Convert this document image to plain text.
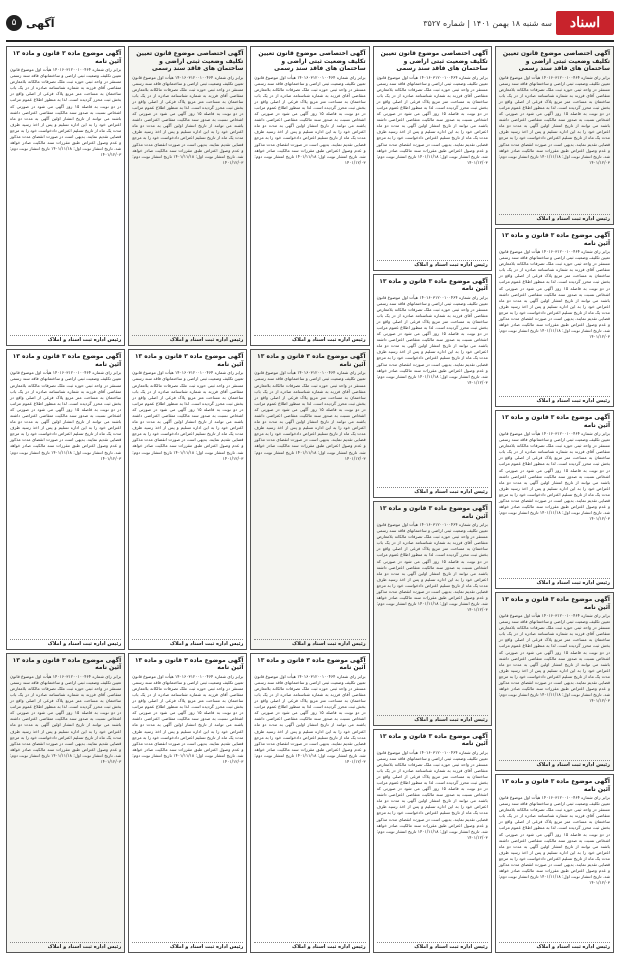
اسناد
سه شنبه ۱۸ بهمن ۱۴۰۱ | شماره ۳۵۲۷
آگهی
۵
آگهی اختصاصی موضوع قانون تعیین تکلیف وضعیت ثبتی اراضی و ساختمان های فاقد سند رسمی
برابر رای شماره ۱۴۰۱۶۰۳۱۲۰۰۱۰۰۴۶۴ هیأت اول موضوع قانون تعیین تکلیف وضعیت ثبتی اراضی و ساختمانهای فاقد سند رسمی مستقر در واحد ثبتی حوزه ثبت ملک تصرفات مالکانه بلامعارض متقاضی آقای فرزند به شماره شناسنامه صادره از در یک باب ساختمان به مساحت متر مربع پلاک فرعی از اصلی واقع در بخش ثبت محرز گردیده است. لذا به منظور اطلاع عموم مراتب در دو نوبت به فاصله ۱۵ روز آگهی می شود در صورتی که اشخاص نسبت به صدور سند مالکیت متقاضی اعتراضی داشته باشند می توانند از تاریخ انتشار اولین آگهی به مدت دو ماه اعتراض خود را به این اداره تسلیم و پس از اخذ رسید ظرف مدت یک ماه از تاریخ تسلیم اعتراض دادخواست خود را به مرجع قضایی تقدیم نمایند. بدیهی است در صورت انقضای مدت مذکور و عدم وصول اعتراض طبق مقررات سند مالکیت صادر خواهد شد. تاریخ انتشار نوبت اول: ۱۴۰۱/۱۱/۱۸ تاریخ انتشار نوبت دوم: ۱۴۰۱/۱۲/۰۳
رئیس اداره ثبت اسناد و املاک
آگهی موضوع ماده ۳ قانون و ماده ۱۳ آئین نامه
برابر رای شماره ۱۴۰۱۶۰۳۱۲۰۰۱۰۰۴۶۴ هیأت اول موضوع قانون تعیین تکلیف وضعیت ثبتی اراضی و ساختمانهای فاقد سند رسمی مستقر در واحد ثبتی حوزه ثبت ملک تصرفات مالکانه بلامعارض متقاضی آقای فرزند به شماره شناسنامه صادره از در یک باب ساختمان به مساحت متر مربع پلاک فرعی از اصلی واقع در بخش ثبت محرز گردیده است. لذا به منظور اطلاع عموم مراتب در دو نوبت به فاصله ۱۵ روز آگهی می شود در صورتی که اشخاص نسبت به صدور سند مالکیت متقاضی اعتراضی داشته باشند می توانند از تاریخ انتشار اولین آگهی به مدت دو ماه اعتراض خود را به این اداره تسلیم و پس از اخذ رسید ظرف مدت یک ماه از تاریخ تسلیم اعتراض دادخواست خود را به مرجع قضایی تقدیم نمایند. بدیهی است در صورت انقضای مدت مذکور و عدم وصول اعتراض طبق مقررات سند مالکیت صادر خواهد شد. تاریخ انتشار نوبت اول: ۱۴۰۱/۱۱/۱۸ تاریخ انتشار نوبت دوم: ۱۴۰۱/۱۲/۰۳
رئیس اداره ثبت اسناد و املاک
آگهی موضوع ماده ۳ قانون و ماده ۱۳ آئین نامه
برابر رای شماره ۱۴۰۱۶۰۳۱۲۰۰۱۰۰۴۶۴ هیأت اول موضوع قانون تعیین تکلیف وضعیت ثبتی اراضی و ساختمانهای فاقد سند رسمی مستقر در واحد ثبتی حوزه ثبت ملک تصرفات مالکانه بلامعارض متقاضی آقای فرزند به شماره شناسنامه صادره از در یک باب ساختمان به مساحت متر مربع پلاک فرعی از اصلی واقع در بخش ثبت محرز گردیده است. لذا به منظور اطلاع عموم مراتب در دو نوبت به فاصله ۱۵ روز آگهی می شود در صورتی که اشخاص نسبت به صدور سند مالکیت متقاضی اعتراضی داشته باشند می توانند از تاریخ انتشار اولین آگهی به مدت دو ماه اعتراض خود را به این اداره تسلیم و پس از اخذ رسید ظرف مدت یک ماه از تاریخ تسلیم اعتراض دادخواست خود را به مرجع قضایی تقدیم نمایند. بدیهی است در صورت انقضای مدت مذکور و عدم وصول اعتراض طبق مقررات سند مالکیت صادر خواهد شد. تاریخ انتشار نوبت اول: ۱۴۰۱/۱۱/۱۸ تاریخ انتشار نوبت دوم: ۱۴۰۱/۱۲/۰۳
رئیس اداره ثبت اسناد و املاک
آگهی موضوع ماده ۳ قانون و ماده ۱۳ آئین نامه
برابر رای شماره ۱۴۰۱۶۰۳۱۲۰۰۱۰۰۴۶۴ هیأت اول موضوع قانون تعیین تکلیف وضعیت ثبتی اراضی و ساختمانهای فاقد سند رسمی مستقر در واحد ثبتی حوزه ثبت ملک تصرفات مالکانه بلامعارض متقاضی آقای فرزند به شماره شناسنامه صادره از در یک باب ساختمان به مساحت متر مربع پلاک فرعی از اصلی واقع در بخش ثبت محرز گردیده است. لذا به منظور اطلاع عموم مراتب در دو نوبت به فاصله ۱۵ روز آگهی می شود در صورتی که اشخاص نسبت به صدور سند مالکیت متقاضی اعتراضی داشته باشند می توانند از تاریخ انتشار اولین آگهی به مدت دو ماه اعتراض خود را به این اداره تسلیم و پس از اخذ رسید ظرف مدت یک ماه از تاریخ تسلیم اعتراض دادخواست خود را به مرجع قضایی تقدیم نمایند. بدیهی است در صورت انقضای مدت مذکور و عدم وصول اعتراض طبق مقررات سند مالکیت صادر خواهد شد. تاریخ انتشار نوبت اول: ۱۴۰۱/۱۱/۱۸ تاریخ انتشار نوبت دوم: ۱۴۰۱/۱۲/۰۳
رئیس اداره ثبت اسناد و املاک
آگهی موضوع ماده ۳ قانون و ماده ۱۳ آئین نامه
برابر رای شماره ۱۴۰۱۶۰۳۱۲۰۰۱۰۰۴۶۴ هیأت اول موضوع قانون تعیین تکلیف وضعیت ثبتی اراضی و ساختمانهای فاقد سند رسمی مستقر در واحد ثبتی حوزه ثبت ملک تصرفات مالکانه بلامعارض متقاضی آقای فرزند به شماره شناسنامه صادره از در یک باب ساختمان به مساحت متر مربع پلاک فرعی از اصلی واقع در بخش ثبت محرز گردیده است. لذا به منظور اطلاع عموم مراتب در دو نوبت به فاصله ۱۵ روز آگهی می شود در صورتی که اشخاص نسبت به صدور سند مالکیت متقاضی اعتراضی داشته باشند می توانند از تاریخ انتشار اولین آگهی به مدت دو ماه اعتراض خود را به این اداره تسلیم و پس از اخذ رسید ظرف مدت یک ماه از تاریخ تسلیم اعتراض دادخواست خود را به مرجع قضایی تقدیم نمایند. بدیهی است در صورت انقضای مدت مذکور و عدم وصول اعتراض طبق مقررات سند مالکیت صادر خواهد شد. تاریخ انتشار نوبت اول: ۱۴۰۱/۱۱/۱۸ تاریخ انتشار نوبت دوم: ۱۴۰۱/۱۲/۰۳
رئیس اداره ثبت اسناد و املاک
آگهی اختصاصی موضوع قانون تعیین تکلیف وضعیت ثبتی اراضی و ساختمان های فاقد سند رسمی
برابر رای شماره ۱۴۰۱۶۰۳۱۲۰۰۱۰۰۴۶۴ هیأت اول موضوع قانون تعیین تکلیف وضعیت ثبتی اراضی و ساختمانهای فاقد سند رسمی مستقر در واحد ثبتی حوزه ثبت ملک تصرفات مالکانه بلامعارض متقاضی آقای فرزند به شماره شناسنامه صادره از در یک باب ساختمان به مساحت متر مربع پلاک فرعی از اصلی واقع در بخش ثبت محرز گردیده است. لذا به منظور اطلاع عموم مراتب در دو نوبت به فاصله ۱۵ روز آگهی می شود در صورتی که اشخاص نسبت به صدور سند مالکیت متقاضی اعتراضی داشته باشند می توانند از تاریخ انتشار اولین آگهی به مدت دو ماه اعتراض خود را به این اداره تسلیم و پس از اخذ رسید ظرف مدت یک ماه از تاریخ تسلیم اعتراض دادخواست خود را به مرجع قضایی تقدیم نمایند. بدیهی است در صورت انقضای مدت مذکور و عدم وصول اعتراض طبق مقررات سند مالکیت صادر خواهد شد. تاریخ انتشار نوبت اول: ۱۴۰۱/۱۱/۱۸ تاریخ انتشار نوبت دوم: ۱۴۰۱/۱۲/۰۳
رئیس اداره ثبت اسناد و املاک
آگهی موضوع ماده ۳ قانون و ماده ۱۳ آئین نامه
برابر رای شماره ۱۴۰۱۶۰۳۱۲۰۰۱۰۰۴۶۴ هیأت اول موضوع قانون تعیین تکلیف وضعیت ثبتی اراضی و ساختمانهای فاقد سند رسمی مستقر در واحد ثبتی حوزه ثبت ملک تصرفات مالکانه بلامعارض متقاضی آقای فرزند به شماره شناسنامه صادره از در یک باب ساختمان به مساحت متر مربع پلاک فرعی از اصلی واقع در بخش ثبت محرز گردیده است. لذا به منظور اطلاع عموم مراتب در دو نوبت به فاصله ۱۵ روز آگهی می شود در صورتی که اشخاص نسبت به صدور سند مالکیت متقاضی اعتراضی داشته باشند می توانند از تاریخ انتشار اولین آگهی به مدت دو ماه اعتراض خود را به این اداره تسلیم و پس از اخذ رسید ظرف مدت یک ماه از تاریخ تسلیم اعتراض دادخواست خود را به مرجع قضایی تقدیم نمایند. بدیهی است در صورت انقضای مدت مذکور و عدم وصول اعتراض طبق مقررات سند مالکیت صادر خواهد شد. تاریخ انتشار نوبت اول: ۱۴۰۱/۱۱/۱۸ تاریخ انتشار نوبت دوم: ۱۴۰۱/۱۲/۰۳
رئیس اداره ثبت اسناد و املاک
آگهی موضوع ماده ۳ قانون و ماده ۱۳ آئین نامه
برابر رای شماره ۱۴۰۱۶۰۳۱۲۰۰۱۰۰۴۶۴ هیأت اول موضوع قانون تعیین تکلیف وضعیت ثبتی اراضی و ساختمانهای فاقد سند رسمی مستقر در واحد ثبتی حوزه ثبت ملک تصرفات مالکانه بلامعارض متقاضی آقای فرزند به شماره شناسنامه صادره از در یک باب ساختمان به مساحت متر مربع پلاک فرعی از اصلی واقع در بخش ثبت محرز گردیده است. لذا به منظور اطلاع عموم مراتب در دو نوبت به فاصله ۱۵ روز آگهی می شود در صورتی که اشخاص نسبت به صدور سند مالکیت متقاضی اعتراضی داشته باشند می توانند از تاریخ انتشار اولین آگهی به مدت دو ماه اعتراض خود را به این اداره تسلیم و پس از اخذ رسید ظرف مدت یک ماه از تاریخ تسلیم اعتراض دادخواست خود را به مرجع قضایی تقدیم نمایند. بدیهی است در صورت انقضای مدت مذکور و عدم وصول اعتراض طبق مقررات سند مالکیت صادر خواهد شد. تاریخ انتشار نوبت اول: ۱۴۰۱/۱۱/۱۸ تاریخ انتشار نوبت دوم: ۱۴۰۱/۱۲/۰۳
رئیس اداره ثبت اسناد و املاک
آگهی موضوع ماده ۳ قانون و ماده ۱۳ آئین نامه
برابر رای شماره ۱۴۰۱۶۰۳۱۲۰۰۱۰۰۴۶۴ هیأت اول موضوع قانون تعیین تکلیف وضعیت ثبتی اراضی و ساختمانهای فاقد سند رسمی مستقر در واحد ثبتی حوزه ثبت ملک تصرفات مالکانه بلامعارض متقاضی آقای فرزند به شماره شناسنامه صادره از در یک باب ساختمان به مساحت متر مربع پلاک فرعی از اصلی واقع در بخش ثبت محرز گردیده است. لذا به منظور اطلاع عموم مراتب در دو نوبت به فاصله ۱۵ روز آگهی می شود در صورتی که اشخاص نسبت به صدور سند مالکیت متقاضی اعتراضی داشته باشند می توانند از تاریخ انتشار اولین آگهی به مدت دو ماه اعتراض خود را به این اداره تسلیم و پس از اخذ رسید ظرف مدت یک ماه از تاریخ تسلیم اعتراض دادخواست خود را به مرجع قضایی تقدیم نمایند. بدیهی است در صورت انقضای مدت مذکور و عدم وصول اعتراض طبق مقررات سند مالکیت صادر خواهد شد. تاریخ انتشار نوبت اول: ۱۴۰۱/۱۱/۱۸ تاریخ انتشار نوبت دوم: ۱۴۰۱/۱۲/۰۳
رئیس اداره ثبت اسناد و املاک
آگهی اختصاصی موضوع قانون تعیین تکلیف وضعیت ثبتی اراضی و ساختمان های فاقد سند رسمی
برابر رای شماره ۱۴۰۱۶۰۳۱۲۰۰۱۰۰۴۶۴ هیأت اول موضوع قانون تعیین تکلیف وضعیت ثبتی اراضی و ساختمانهای فاقد سند رسمی مستقر در واحد ثبتی حوزه ثبت ملک تصرفات مالکانه بلامعارض متقاضی آقای فرزند به شماره شناسنامه صادره از در یک باب ساختمان به مساحت متر مربع پلاک فرعی از اصلی واقع در بخش ثبت محرز گردیده است. لذا به منظور اطلاع عموم مراتب در دو نوبت به فاصله ۱۵ روز آگهی می شود در صورتی که اشخاص نسبت به صدور سند مالکیت متقاضی اعتراضی داشته باشند می توانند از تاریخ انتشار اولین آگهی به مدت دو ماه اعتراض خود را به این اداره تسلیم و پس از اخذ رسید ظرف مدت یک ماه از تاریخ تسلیم اعتراض دادخواست خود را به مرجع قضایی تقدیم نمایند. بدیهی است در صورت انقضای مدت مذکور و عدم وصول اعتراض طبق مقررات سند مالکیت صادر خواهد شد. تاریخ انتشار نوبت اول: ۱۴۰۱/۱۱/۱۸ تاریخ انتشار نوبت دوم: ۱۴۰۱/۱۲/۰۳
رئیس اداره ثبت اسناد و املاک
آگهی موضوع ماده ۳ قانون و ماده ۱۳ آئین نامه
برابر رای شماره ۱۴۰۱۶۰۳۱۲۰۰۱۰۰۴۶۴ هیأت اول موضوع قانون تعیین تکلیف وضعیت ثبتی اراضی و ساختمانهای فاقد سند رسمی مستقر در واحد ثبتی حوزه ثبت ملک تصرفات مالکانه بلامعارض متقاضی آقای فرزند به شماره شناسنامه صادره از در یک باب ساختمان به مساحت متر مربع پلاک فرعی از اصلی واقع در بخش ثبت محرز گردیده است. لذا به منظور اطلاع عموم مراتب در دو نوبت به فاصله ۱۵ روز آگهی می شود در صورتی که اشخاص نسبت به صدور سند مالکیت متقاضی اعتراضی داشته باشند می توانند از تاریخ انتشار اولین آگهی به مدت دو ماه اعتراض خود را به این اداره تسلیم و پس از اخذ رسید ظرف مدت یک ماه از تاریخ تسلیم اعتراض دادخواست خود را به مرجع قضایی تقدیم نمایند. بدیهی است در صورت انقضای مدت مذکور و عدم وصول اعتراض طبق مقررات سند مالکیت صادر خواهد شد. تاریخ انتشار نوبت اول: ۱۴۰۱/۱۱/۱۸ تاریخ انتشار نوبت دوم: ۱۴۰۱/۱۲/۰۳
رئیس اداره ثبت اسناد و املاک
آگهی موضوع ماده ۳ قانون و ماده ۱۳ آئین نامه
برابر رای شماره ۱۴۰۱۶۰۳۱۲۰۰۱۰۰۴۶۴ هیأت اول موضوع قانون تعیین تکلیف وضعیت ثبتی اراضی و ساختمانهای فاقد سند رسمی مستقر در واحد ثبتی حوزه ثبت ملک تصرفات مالکانه بلامعارض متقاضی آقای فرزند به شماره شناسنامه صادره از در یک باب ساختمان به مساحت متر مربع پلاک فرعی از اصلی واقع در بخش ثبت محرز گردیده است. لذا به منظور اطلاع عموم مراتب در دو نوبت به فاصله ۱۵ روز آگهی می شود در صورتی که اشخاص نسبت به صدور سند مالکیت متقاضی اعتراضی داشته باشند می توانند از تاریخ انتشار اولین آگهی به مدت دو ماه اعتراض خود را به این اداره تسلیم و پس از اخذ رسید ظرف مدت یک ماه از تاریخ تسلیم اعتراض دادخواست خود را به مرجع قضایی تقدیم نمایند. بدیهی است در صورت انقضای مدت مذکور و عدم وصول اعتراض طبق مقررات سند مالکیت صادر خواهد شد. تاریخ انتشار نوبت اول: ۱۴۰۱/۱۱/۱۸ تاریخ انتشار نوبت دوم: ۱۴۰۱/۱۲/۰۳
رئیس اداره ثبت اسناد و املاک
آگهی اختصاصی موضوع قانون تعیین تکلیف وضعیت ثبتی اراضی و ساختمان های فاقد سند رسمی
برابر رای شماره ۱۴۰۱۶۰۳۱۲۰۰۱۰۰۴۶۴ هیأت اول موضوع قانون تعیین تکلیف وضعیت ثبتی اراضی و ساختمانهای فاقد سند رسمی مستقر در واحد ثبتی حوزه ثبت ملک تصرفات مالکانه بلامعارض متقاضی آقای فرزند به شماره شناسنامه صادره از در یک باب ساختمان به مساحت متر مربع پلاک فرعی از اصلی واقع در بخش ثبت محرز گردیده است. لذا به منظور اطلاع عموم مراتب در دو نوبت به فاصله ۱۵ روز آگهی می شود در صورتی که اشخاص نسبت به صدور سند مالکیت متقاضی اعتراضی داشته باشند می توانند از تاریخ انتشار اولین آگهی به مدت دو ماه اعتراض خود را به این اداره تسلیم و پس از اخذ رسید ظرف مدت یک ماه از تاریخ تسلیم اعتراض دادخواست خود را به مرجع قضایی تقدیم نمایند. بدیهی است در صورت انقضای مدت مذکور و عدم وصول اعتراض طبق مقررات سند مالکیت صادر خواهد شد. تاریخ انتشار نوبت اول: ۱۴۰۱/۱۱/۱۸ تاریخ انتشار نوبت دوم: ۱۴۰۱/۱۲/۰۳
رئیس اداره ثبت اسناد و املاک
آگهی موضوع ماده ۳ قانون و ماده ۱۳ آئین نامه
برابر رای شماره ۱۴۰۱۶۰۳۱۲۰۰۱۰۰۴۶۴ هیأت اول موضوع قانون تعیین تکلیف وضعیت ثبتی اراضی و ساختمانهای فاقد سند رسمی مستقر در واحد ثبتی حوزه ثبت ملک تصرفات مالکانه بلامعارض متقاضی آقای فرزند به شماره شناسنامه صادره از در یک باب ساختمان به مساحت متر مربع پلاک فرعی از اصلی واقع در بخش ثبت محرز گردیده است. لذا به منظور اطلاع عموم مراتب در دو نوبت به فاصله ۱۵ روز آگهی می شود در صورتی که اشخاص نسبت به صدور سند مالکیت متقاضی اعتراضی داشته باشند می توانند از تاریخ انتشار اولین آگهی به مدت دو ماه اعتراض خود را به این اداره تسلیم و پس از اخذ رسید ظرف مدت یک ماه از تاریخ تسلیم اعتراض دادخواست خود را به مرجع قضایی تقدیم نمایند. بدیهی است در صورت انقضای مدت مذکور و عدم وصول اعتراض طبق مقررات سند مالکیت صادر خواهد شد. تاریخ انتشار نوبت اول: ۱۴۰۱/۱۱/۱۸ تاریخ انتشار نوبت دوم: ۱۴۰۱/۱۲/۰۳
رئیس اداره ثبت اسناد و املاک
آگهی موضوع ماده ۳ قانون و ماده ۱۳ آئین نامه
برابر رای شماره ۱۴۰۱۶۰۳۱۲۰۰۱۰۰۴۶۴ هیأت اول موضوع قانون تعیین تکلیف وضعیت ثبتی اراضی و ساختمانهای فاقد سند رسمی مستقر در واحد ثبتی حوزه ثبت ملک تصرفات مالکانه بلامعارض متقاضی آقای فرزند به شماره شناسنامه صادره از در یک باب ساختمان به مساحت متر مربع پلاک فرعی از اصلی واقع در بخش ثبت محرز گردیده است. لذا به منظور اطلاع عموم مراتب در دو نوبت به فاصله ۱۵ روز آگهی می شود در صورتی که اشخاص نسبت به صدور سند مالکیت متقاضی اعتراضی داشته باشند می توانند از تاریخ انتشار اولین آگهی به مدت دو ماه اعتراض خود را به این اداره تسلیم و پس از اخذ رسید ظرف مدت یک ماه از تاریخ تسلیم اعتراض دادخواست خود را به مرجع قضایی تقدیم نمایند. بدیهی است در صورت انقضای مدت مذکور و عدم وصول اعتراض طبق مقررات سند مالکیت صادر خواهد شد. تاریخ انتشار نوبت اول: ۱۴۰۱/۱۱/۱۸ تاریخ انتشار نوبت دوم: ۱۴۰۱/۱۲/۰۳
رئیس اداره ثبت اسناد و املاک
آگهی موضوع ماده ۳ قانون و ماده ۱۳ آئین نامه
برابر رای شماره ۱۴۰۱۶۰۳۱۲۰۰۱۰۰۴۶۴ هیأت اول موضوع قانون تعیین تکلیف وضعیت ثبتی اراضی و ساختمانهای فاقد سند رسمی مستقر در واحد ثبتی حوزه ثبت ملک تصرفات مالکانه بلامعارض متقاضی آقای فرزند به شماره شناسنامه صادره از در یک باب ساختمان به مساحت متر مربع پلاک فرعی از اصلی واقع در بخش ثبت محرز گردیده است. لذا به منظور اطلاع عموم مراتب در دو نوبت به فاصله ۱۵ روز آگهی می شود در صورتی که اشخاص نسبت به صدور سند مالکیت متقاضی اعتراضی داشته باشند می توانند از تاریخ انتشار اولین آگهی به مدت دو ماه اعتراض خود را به این اداره تسلیم و پس از اخذ رسید ظرف مدت یک ماه از تاریخ تسلیم اعتراض دادخواست خود را به مرجع قضایی تقدیم نمایند. بدیهی است در صورت انقضای مدت مذکور و عدم وصول اعتراض طبق مقررات سند مالکیت صادر خواهد شد. تاریخ انتشار نوبت اول: ۱۴۰۱/۱۱/۱۸ تاریخ انتشار نوبت دوم: ۱۴۰۱/۱۲/۰۳
رئیس اداره ثبت اسناد و املاک
آگهی موضوع ماده ۳ قانون و ماده ۱۳ آئین نامه
برابر رای شماره ۱۴۰۱۶۰۳۱۲۰۰۱۰۰۴۶۴ هیأت اول موضوع قانون تعیین تکلیف وضعیت ثبتی اراضی و ساختمانهای فاقد سند رسمی مستقر در واحد ثبتی حوزه ثبت ملک تصرفات مالکانه بلامعارض متقاضی آقای فرزند به شماره شناسنامه صادره از در یک باب ساختمان به مساحت متر مربع پلاک فرعی از اصلی واقع در بخش ثبت محرز گردیده است. لذا به منظور اطلاع عموم مراتب در دو نوبت به فاصله ۱۵ روز آگهی می شود در صورتی که اشخاص نسبت به صدور سند مالکیت متقاضی اعتراضی داشته باشند می توانند از تاریخ انتشار اولین آگهی به مدت دو ماه اعتراض خود را به این اداره تسلیم و پس از اخذ رسید ظرف مدت یک ماه از تاریخ تسلیم اعتراض دادخواست خود را به مرجع قضایی تقدیم نمایند. بدیهی است در صورت انقضای مدت مذکور و عدم وصول اعتراض طبق مقررات سند مالکیت صادر خواهد شد. تاریخ انتشار نوبت اول: ۱۴۰۱/۱۱/۱۸ تاریخ انتشار نوبت دوم: ۱۴۰۱/۱۲/۰۳
رئیس اداره ثبت اسناد و املاک
آگهی موضوع ماده ۳ قانون و ماده ۱۳ آئین نامه
برابر رای شماره ۱۴۰۱۶۰۳۱۲۰۰۱۰۰۴۶۴ هیأت اول موضوع قانون تعیین تکلیف وضعیت ثبتی اراضی و ساختمانهای فاقد سند رسمی مستقر در واحد ثبتی حوزه ثبت ملک تصرفات مالکانه بلامعارض متقاضی آقای فرزند به شماره شناسنامه صادره از در یک باب ساختمان به مساحت متر مربع پلاک فرعی از اصلی واقع در بخش ثبت محرز گردیده است. لذا به منظور اطلاع عموم مراتب در دو نوبت به فاصله ۱۵ روز آگهی می شود در صورتی که اشخاص نسبت به صدور سند مالکیت متقاضی اعتراضی داشته باشند می توانند از تاریخ انتشار اولین آگهی به مدت دو ماه اعتراض خود را به این اداره تسلیم و پس از اخذ رسید ظرف مدت یک ماه از تاریخ تسلیم اعتراض دادخواست خود را به مرجع قضایی تقدیم نمایند. بدیهی است در صورت انقضای مدت مذکور و عدم وصول اعتراض طبق مقررات سند مالکیت صادر خواهد شد. تاریخ انتشار نوبت اول: ۱۴۰۱/۱۱/۱۸ تاریخ انتشار نوبت دوم: ۱۴۰۱/۱۲/۰۳
رئیس اداره ثبت اسناد و املاک
